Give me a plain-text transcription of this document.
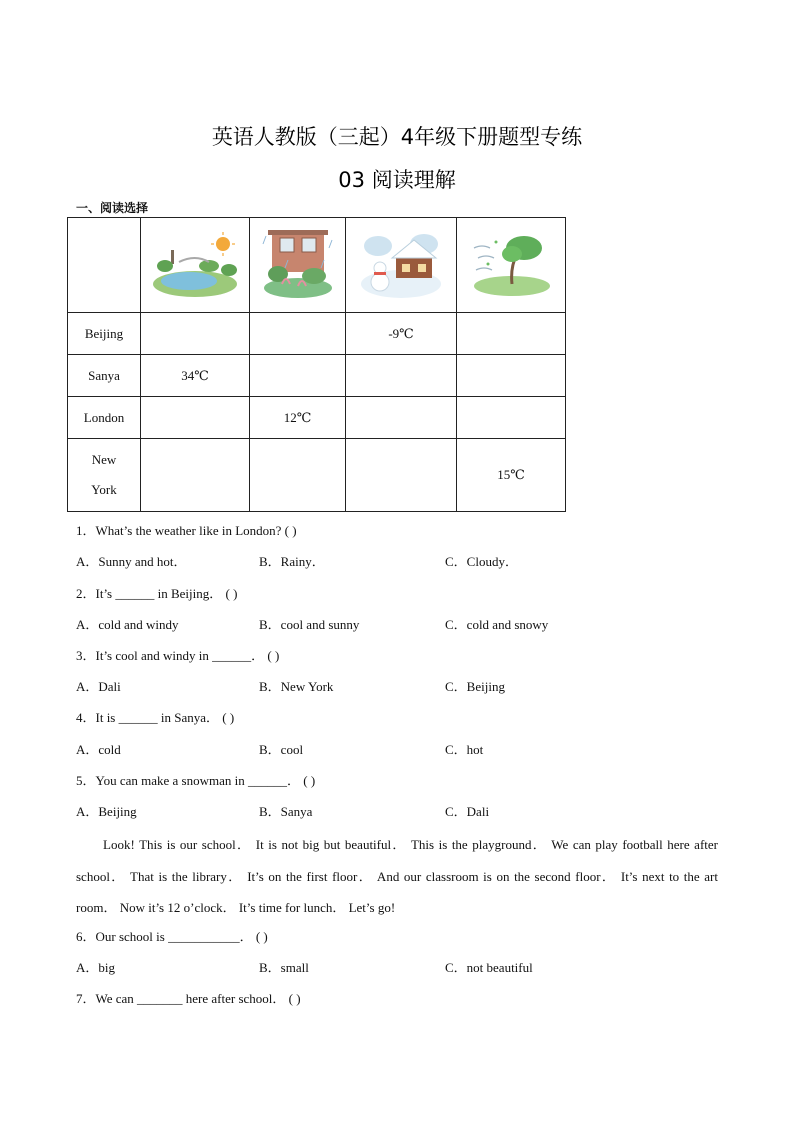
英语人教版（三起）4年级下册题型专练
03 阅读理解
一、阅读选择

Beijing			-9℃	
Sanya	34℃			
London		12℃		
New
York				15℃
1．What’s the weather like in London? ( )
A．Sunny and hot．	B．Rainy．	C．Cloudy．
2．It’s ______ in Beijing． ( )
A．cold and windy	B．cool and sunny	C．cold and snowy
3．It’s cool and windy in ______． ( )
A．Dali	B．New York	C．Beijing
4．It is ______ in Sanya． ( )
A．cold	B．cool	C．hot
5．You can make a snowman in ______． ( )
A．Beijing	B．Sanya	C．Dali
Look! This is our school． It is not big but beautiful． This is the playground． We can play football here after school． That is the library． It’s on the first floor． And our classroom is on the second floor． It’s next to the art room． Now it’s 12 o’clock． It’s time for lunch． Let’s go!
6．Our school is ___________． ( )
A．big	B．small	C．not beautiful
7．We can _______ here after school． ( )
